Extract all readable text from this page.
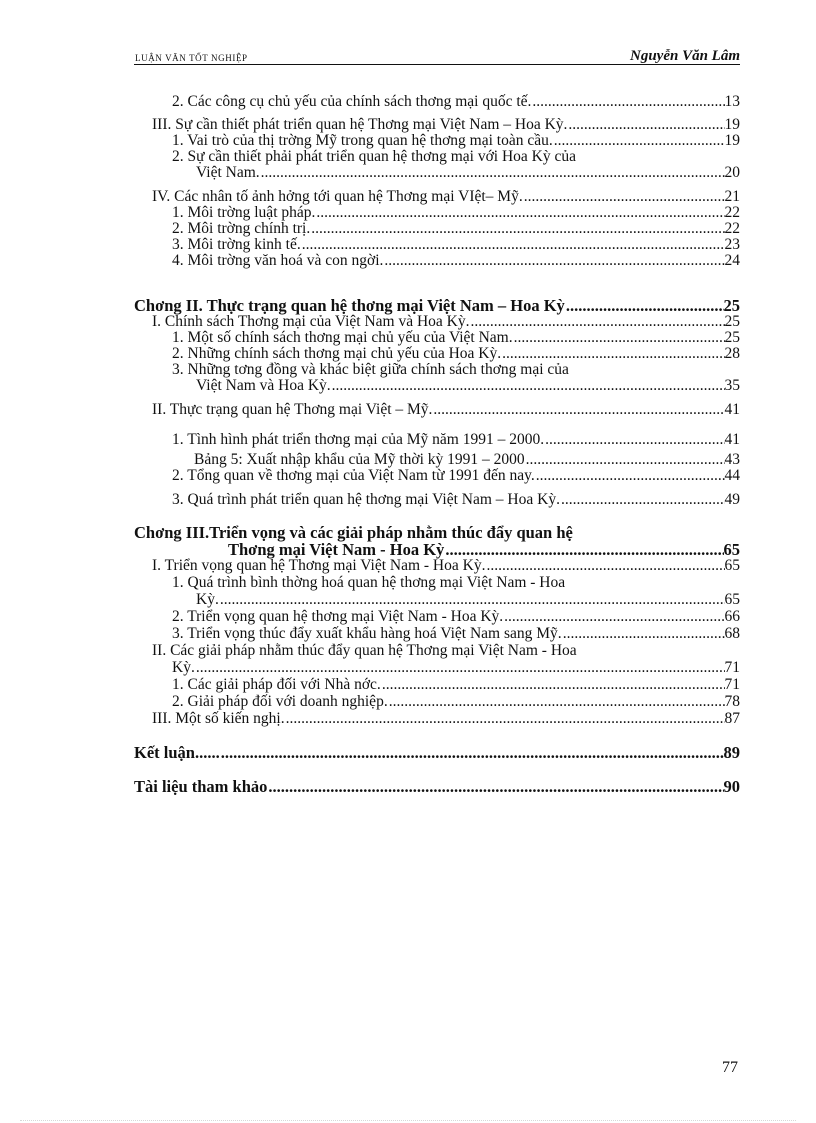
LUẬN VĂN TỐT NGHIỆP	Nguyễn Văn Lâm
2. Các công cụ chủ yếu của chính sách thơng mại quốc tế. .....	13
III. Sự cần thiết phát triển quan hệ Thơng mại Việt Nam – Hoa Kỳ. .....	19
1. Vai trò của thị trờng Mỹ trong quan hệ thơng mại toàn cầu. .....	19
2. Sự cần thiết phải phát triển quan hệ thơng mại với Hoa Kỳ của
Việt Nam. .....	20
IV. Các nhân tố ảnh hởng tới quan hệ Thơng mại VIệt– Mỹ. .....	21
1. Môi trờng luật pháp. .....	22
2. Môi trờng chính trị. .....	22
3. Môi trờng kinh tế. .....	23
4. Môi trờng văn hoá và con ngời. .....	24
Chơng II. Thực trạng quan hệ thơng mại Việt Nam – Hoa Kỳ .....	25
I. Chính sách Thơng mại của Việt Nam và Hoa Kỳ. .....	25
1. Một số chính sách thơng mại chủ yếu của Việt Nam. .....	25
2. Những chính sách thơng mại chủ yếu của Hoa Kỳ. .....	28
3. Những tơng đồng và khác biệt giữa chính sách thơng mại của
Việt Nam và Hoa Kỳ. .....	35
II. Thực trạng quan hệ Thơng mại Việt – Mỹ. .....	41
1. Tình hình phát triển thơng mại của Mỹ năm 1991 – 2000. .....	41
Bảng 5: Xuất nhập khẩu của Mỹ thời kỳ 1991 – 2000 .....	43
2. Tổng quan về thơng mại của Việt Nam từ 1991 đến nay. .....	44
3. Quá trình phát triển quan hệ thơng mại Việt Nam – Hoa Kỳ. .....	49
Chơng III.Triển vọng và các giải pháp nhằm thúc đẩy quan hệ
Thơng mại Việt Nam - Hoa Kỳ .....	65
I. Triển vọng quan hệ Thơng mại Việt Nam - Hoa Kỳ. .....	65
1. Quá trình bình thờng hoá quan hệ thơng mại Việt Nam - Hoa
Kỳ. .....	65
2. Triển vọng quan hệ thơng mại Việt Nam - Hoa Kỳ. .....	66
3. Triển vọng thúc đẩy xuất khẩu hàng hoá Việt Nam sang Mỹ. .....	68
II. Các giải pháp nhằm thúc đẩy quan hệ Thơng mại Việt Nam - Hoa
Kỳ. .....	71
1. Các giải pháp đối với Nhà nớc. .....	71
2. Giải pháp đối với doanh nghiệp. .....	78
III. Một số kiến nghị. .....	87
Kết luận...... .....	89
Tài liệu tham khảo .....	90
77
